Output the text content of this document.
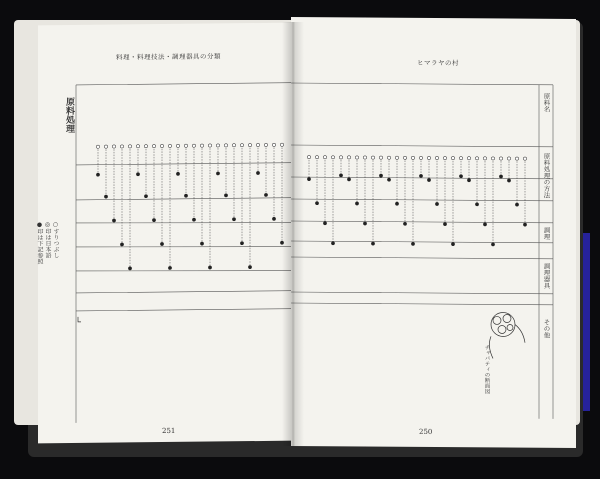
料理・料理技法・調理器具の分類
原料処理
○すりつぶし
◎印は日本語
●印は下記参照
251
ヒマラヤの村
原料名
原料処理の方法
調理
調理器具
その他
チャパティの断面図
250
